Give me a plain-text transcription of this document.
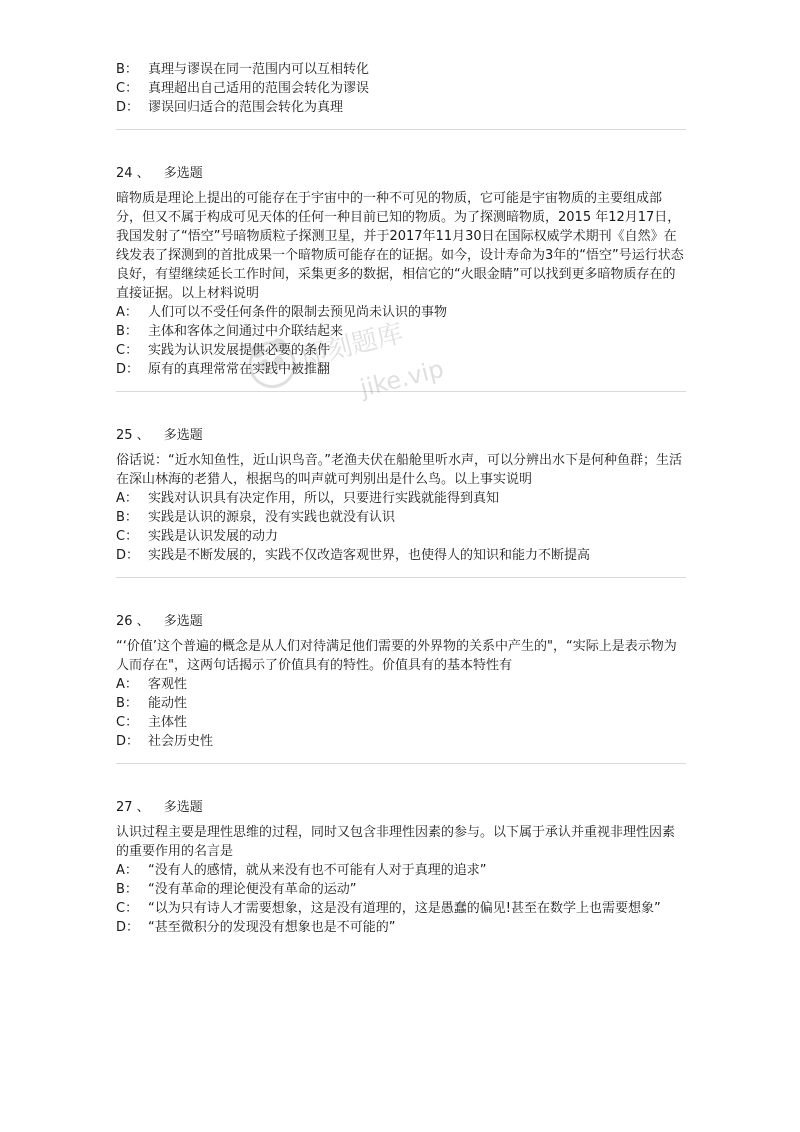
B： 真理与谬误在同一范围内可以互相转化
C： 真理超出自己适用的范围会转化为谬误
D： 谬误回归适合的范围会转化为真理
24 、 多选题
暗物质是理论上提出的可能存在于宇宙中的一种不可见的物质，它可能是宇宙物质的主要组成部分，但又不属于构成可见天体的任何一种目前已知的物质。为了探测暗物质，2015 年12月17日，我国发射了“悟空”号暗物质粒子探测卫星，并于2017年11月30日在国际权威学术期刊《自然》在线发表了探测到的首批成果一个暗物质可能存在的证据。如今，设计寿命为3年的“悟空”号运行状态良好，有望继续延长工作时间，采集更多的数据，相信它的“火眼金睛”可以找到更多暗物质存在的直接证据。以上材料说明
A： 人们可以不受任何条件的限制去预见尚未认识的事物
B： 主体和客体之间通过中介联结起来
C： 实践为认识发展提供必要的条件
D： 原有的真理常常在实践中被推翻
25 、 多选题
俗话说：“近水知鱼性，近山识鸟音。”老渔夫伏在船舱里听水声，可以分辨出水下是何种鱼群；生活在深山林海的老猎人，根据鸟的叫声就可判别出是什么鸟。以上事实说明
A： 实践对认识具有决定作用，所以，只要进行实践就能得到真知
B： 实践是认识的源泉，没有实践也就没有认识
C： 实践是认识发展的动力
D： 实践是不断发展的，实践不仅改造客观世界，也使得人的知识和能力不断提高
26 、 多选题
“‘价值’这个普遍的概念是从人们对待满足他们需要的外界物的关系中产生的"，“实际上是表示物为人而存在"，这两句话揭示了价值具有的特性。价值具有的基本特性有
A： 客观性
B： 能动性
C： 主体性
D： 社会历史性
27 、 多选题
认识过程主要是理性思维的过程，同时又包含非理性因素的参与。以下属于承认并重视非理性因素的重要作用的名言是
A： “没有人的感情，就从来没有也不可能有人对于真理的追求”
B： “没有革命的理论便没有革命的运动”
C： “以为只有诗人才需要想象，这是没有道理的，这是愚蠢的偏见!甚至在数学上也需要想象”
D： “甚至微积分的发现没有想象也是不可能的”
即刻题库
jike.vip
